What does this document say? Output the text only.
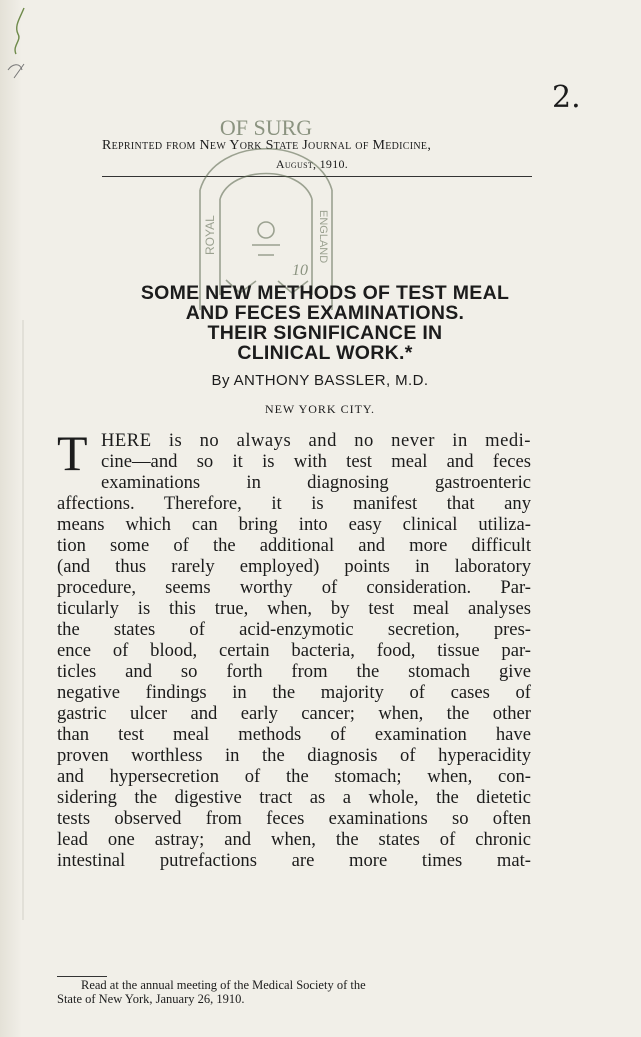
2.
Reprinted from New York State Journal of Medicine,
August, 1910.
OF SURG
ROYAL	ENGLAND
10
SOME NEW METHODS OF TEST MEAL
AND FECES EXAMINATIONS.
THEIR SIGNIFICANCE IN
CLINICAL WORK.*
By ANTHONY BASSLER, M.D.
NEW YORK CITY.
T HERE is no always and no never in medi-
cine—and so it is with test meal and feces
examinations in diagnosing gastroenteric
affections. Therefore, it is manifest that any
means which can bring into easy clinical utiliza-
tion some of the additional and more difficult
(and thus rarely employed) points in laboratory
procedure, seems worthy of consideration. Par-
ticularly is this true, when, by test meal analyses
the states of acid-enzymotic secretion, pres-
ence of blood, certain bacteria, food, tissue par-
ticles and so forth from the stomach give
negative findings in the majority of cases of
gastric ulcer and early cancer; when, the other
than test meal methods of examination have
proven worthless in the diagnosis of hyperacidity
and hypersecretion of the stomach; when, con-
sidering the digestive tract as a whole, the dietetic
tests observed from feces examinations so often
lead one astray; and when, the states of chronic
intestinal putrefactions are more times mat-
Read at the annual meeting of the Medical Society of the
State of New York, January 26, 1910.
